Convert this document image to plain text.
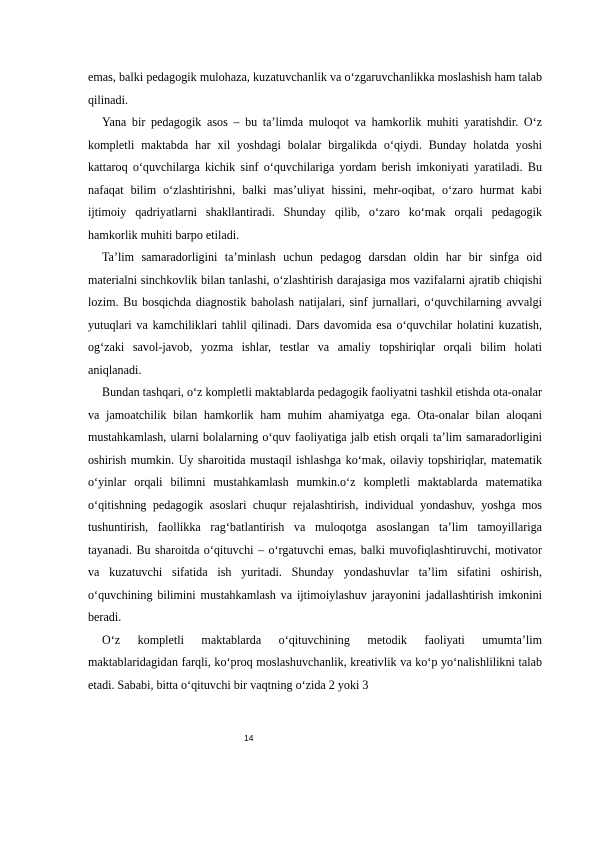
emas, balki pedagogik mulohaza, kuzatuvchanlik va o‘zgaruvchanlikka moslashish ham talab qilinadi.

Yana bir pedagogik asos – bu ta’limda muloqot va hamkorlik muhiti yaratishdir. O‘z kompletli maktabda har xil yoshdagi bolalar birgalikda o‘qiydi. Bunday holatda yoshi kattaroq o‘quvchilarga kichik sinf o‘quvchilariga yordam berish imkoniyati yaratiladi. Bu nafaqat bilim o‘zlashtirishni, balki mas’uliyat hissini, mehr-oqibat, o‘zaro hurmat kabi ijtimoiy qadriyatlarni shakllantiradi. Shunday qilib, o‘zaro ko‘mak orqali pedagogik hamkorlik muhiti barpo etiladi.

Ta’lim samaradorligini ta’minlash uchun pedagog darsdan oldin har bir sinfga oid materialni sinchkovlik bilan tanlashi, o‘zlashtirish darajasiga mos vazifalarni ajratib chiqishi lozim. Bu bosqichda diagnostik baholash natijalari, sinf jurnallari, o‘quvchilarning avvalgi yutuqlari va kamchiliklari tahlil qilinadi. Dars davomida esa o‘quvchilar holatini kuzatish, og‘zaki savol-javob, yozma ishlar, testlar va amaliy topshiriqlar orqali bilim holati aniqlanadi.

Bundan tashqari, o‘z kompletli maktablarda pedagogik faoliyatni tashkil etishda ota-onalar va jamoatchilik bilan hamkorlik ham muhim ahamiyatga ega. Ota-onalar bilan aloqani mustahkamlash, ularni bolalarning o‘quv faoliyatiga jalb etish orqali ta’lim samaradorligini oshirish mumkin. Uy sharoitida mustaqil ishlashga ko‘mak, oilaviy topshiriqlar, matematik o‘yinlar orqali bilimni mustahkamlash mumkin.o‘z kompletli maktablarda matematika o‘qitishning pedagogik asoslari chuqur rejalashtirish, individual yondashuv, yoshga mos tushuntirish, faollikka rag‘batlantirish va muloqotga asoslangan ta’lim tamoyillariga tayanadi. Bu sharoitda o‘qituvchi – o‘rgatuvchi emas, balki muvofiqlashtiruvchi, motivator va kuzatuvchi sifatida ish yuritadi. Shunday yondashuvlar ta’lim sifatini oshirish, o‘quvchining bilimini mustahkamlash va ijtimoiylashuv jarayonini jadallashtirish imkonini beradi.

O‘z kompletli maktablarda o‘qituvchining metodik faoliyati umumta’lim maktablaridagidan farqli, ko‘proq moslashuvchanlik, kreativlik va ko‘p yo‘nalishlilikni talab etadi. Sababi, bitta o‘qituvchi bir vaqtning o‘zida 2 yoki 3

14
